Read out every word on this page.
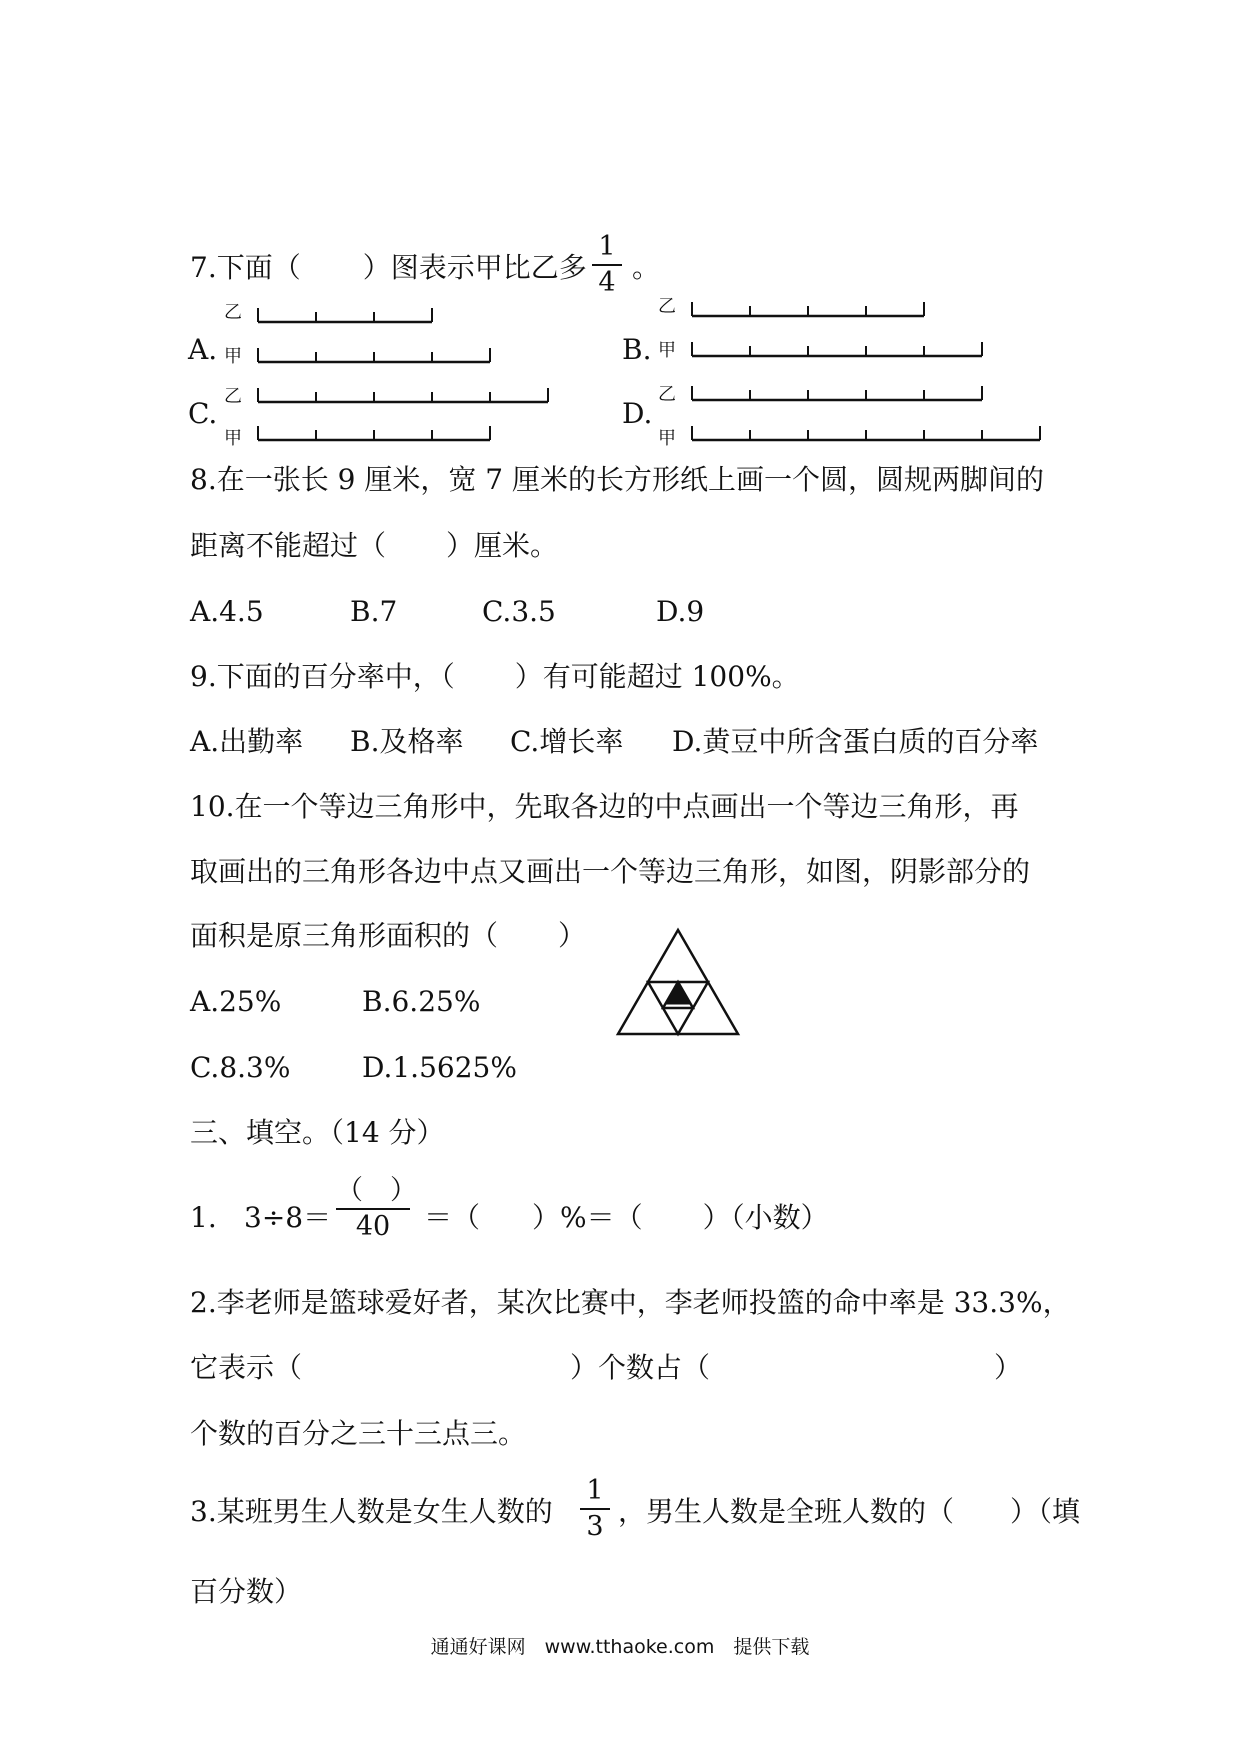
7.下面（ ）图表示甲比乙多
1
4 。
A.	B.
C.	D.
乙
甲
乙
甲
乙
甲
乙
甲
8.在一张长 9 厘米，宽 7 厘米的长方形纸上画一个圆，圆规两脚间的
距离不能超过（ ）厘米。
A.4.5	B.7	C.3.5	D.9
9.下面的百分率中，（ ）有可能超过 100%。
A.出勤率 B.及格率 C.增长率 D.黄豆中所含蛋白质的百分率
10.在一个等边三角形中，先取各边的中点画出一个等边三角形，再
取画出的三角形各边中点又画出一个等边三角形，如图，阴影部分的
面积是原三角形面积的（ ）
A.25%	B.6.25%
C.8.3%	D.1.5625%
三、填空。（14 分）
1. 3÷8＝
（　）
40	＝（ ）%＝（ ）（小数）
2.李老师是篮球爱好者，某次比赛中，李老师投篮的命中率是 33.3%，
它表示（	）个数占（	）
个数的百分之三十三点三。
3.某班男生人数是女生人数的
1
3 ，男生人数是全班人数的（ ）（填
百分数）
通通好课网　www.tthaoke.com　提供下载
